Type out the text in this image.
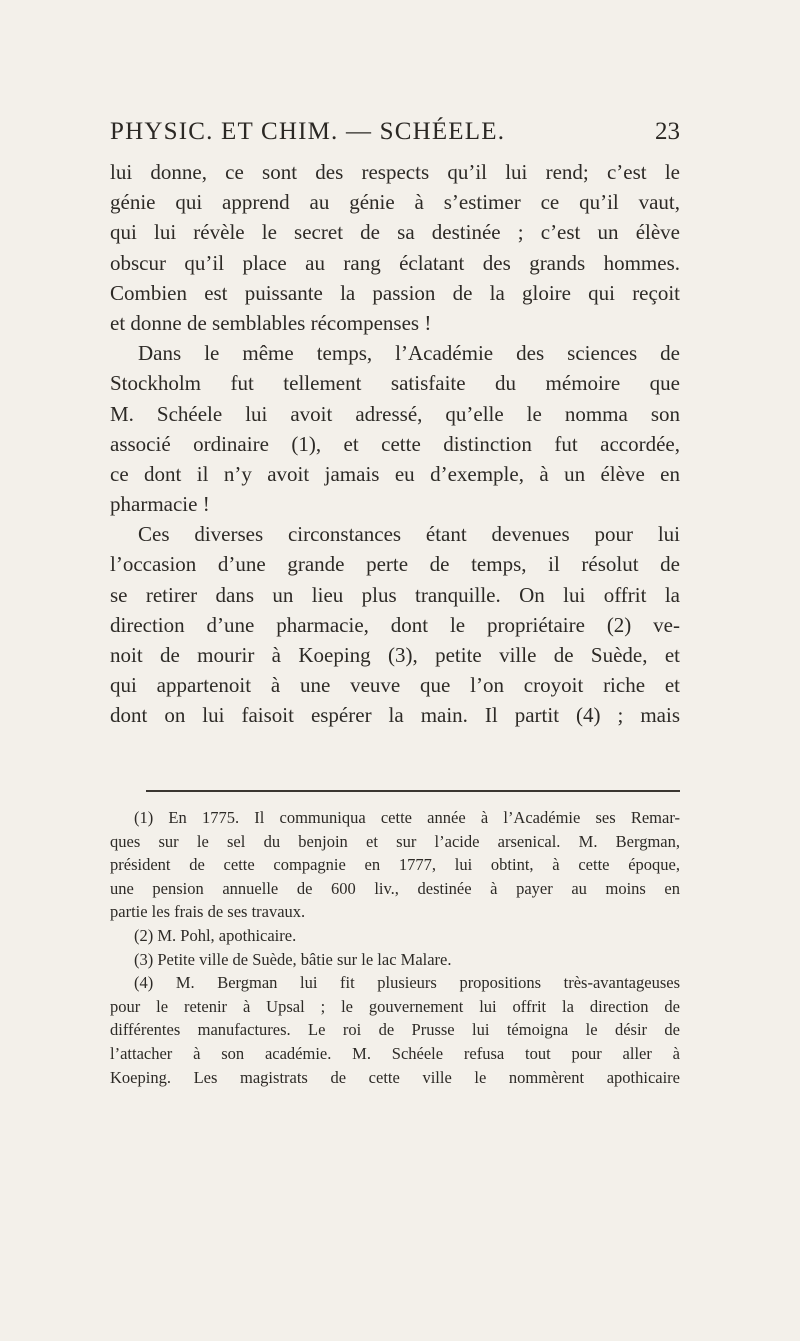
PHYSIC. ET CHIM. — SCHÉELE.	23
lui donne, ce sont des respects qu’il lui rend; c’est le
génie qui apprend au génie à s’estimer ce qu’il vaut,
qui lui révèle le secret de sa destinée ; c’est un élève
obscur qu’il place au rang éclatant des grands hommes.
Combien est puissante la passion de la gloire qui reçoit
et donne de semblables récompenses !
Dans le même temps, l’Académie des sciences de
Stockholm fut tellement satisfaite du mémoire que
M. Schéele lui avoit adressé, qu’elle le nomma son
associé ordinaire (1), et cette distinction fut accordée,
ce dont il n’y avoit jamais eu d’exemple, à un élève en
pharmacie !
Ces diverses circonstances étant devenues pour lui
l’occasion d’une grande perte de temps, il résolut de
se retirer dans un lieu plus tranquille. On lui offrit la
direction d’une pharmacie, dont le propriétaire (2) ve-
noit de mourir à Koeping (3), petite ville de Suède, et
qui appartenoit à une veuve que l’on croyoit riche et
dont on lui faisoit espérer la main. Il partit (4) ; mais
(1) En 1775. Il communiqua cette année à l’Académie ses Remar-
ques sur le sel du benjoin et sur l’acide arsenical. M. Bergman,
président de cette compagnie en 1777, lui obtint, à cette époque,
une pension annuelle de 600 liv., destinée à payer au moins en
partie les frais de ses travaux.
(2) M. Pohl, apothicaire.
(3) Petite ville de Suède, bâtie sur le lac Malare.
(4) M. Bergman lui fit plusieurs propositions très-avantageuses
pour le retenir à Upsal ; le gouvernement lui offrit la direction de
différentes manufactures. Le roi de Prusse lui témoigna le désir de
l’attacher à son académie. M. Schéele refusa tout pour aller à
Koeping. Les magistrats de cette ville le nommèrent apothicaire
